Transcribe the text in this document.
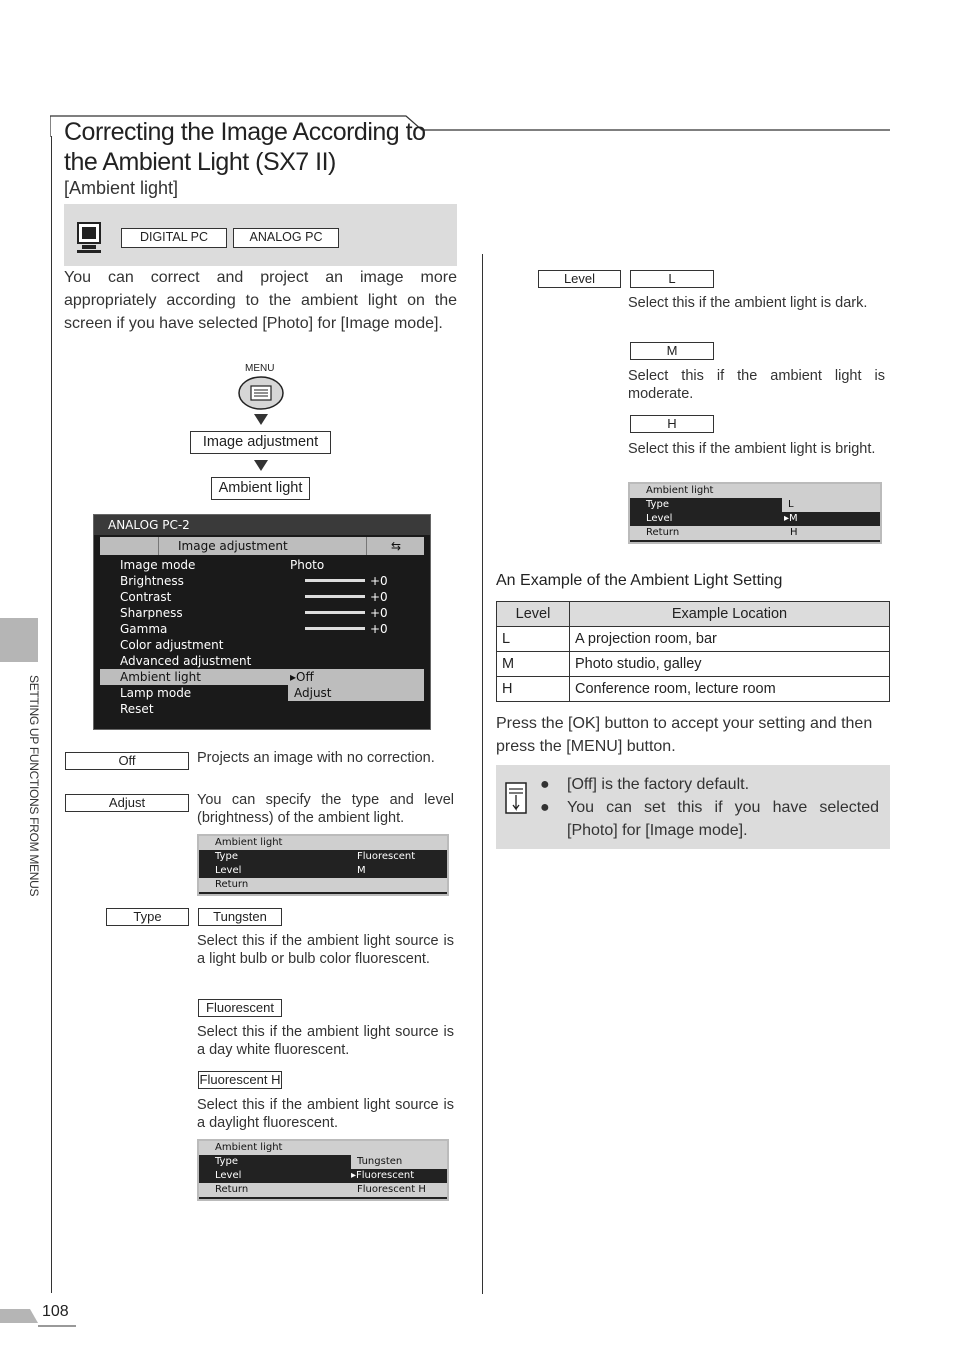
Correcting the Image According to
the Ambient Light (SX7 II)
[Ambient light]
DIGITAL PC	ANALOG PC
You can correct and project an image more appropriately according to the ambient light on the screen if you have selected [Photo] for [Image mode].
MENU
Image adjustment
Ambient light
ANALOG PC-2
Image adjustment	⇆
Image mode	Photo
Brightness	+0
Contrast	+0
Sharpness	+0
Gamma	+0
Color adjustment
Advanced adjustment
Ambient light	▸Off
Lamp mode	Adjust
Reset
Off	Projects an image with no correction.
Adjust	You can specify the type and level (brightness) of the ambient light.
Ambient light
Type	Fluorescent
Level	M
Return
Type	Tungsten
Select this if the ambient light source is a light bulb or bulb color fluorescent.
Fluorescent
Select this if the ambient light source is a day white fluorescent.
Fluorescent H
Select this if the ambient light source is a daylight fluorescent.
Ambient light
Type	Tungsten
Level	▸Fluorescent
Return	Fluorescent H
Level	L
Select this if the ambient light is dark.
M
Select this if the ambient light is moderate.
H
Select this if the ambient light is bright.
Ambient light
Type	L
Level	▸M
Return	H
An Example of the Ambient Light Setting
Level	Example Location
L	A projection room, bar
M	Photo studio, galley
H	Conference room, lecture room
Press the [OK] button to accept your setting and then press the [MENU] button.
● [Off] is the factory default.
● You can set this if you have selected [Photo] for [Image mode].
SETTING UP FUNCTIONS FROM MENUS
108
